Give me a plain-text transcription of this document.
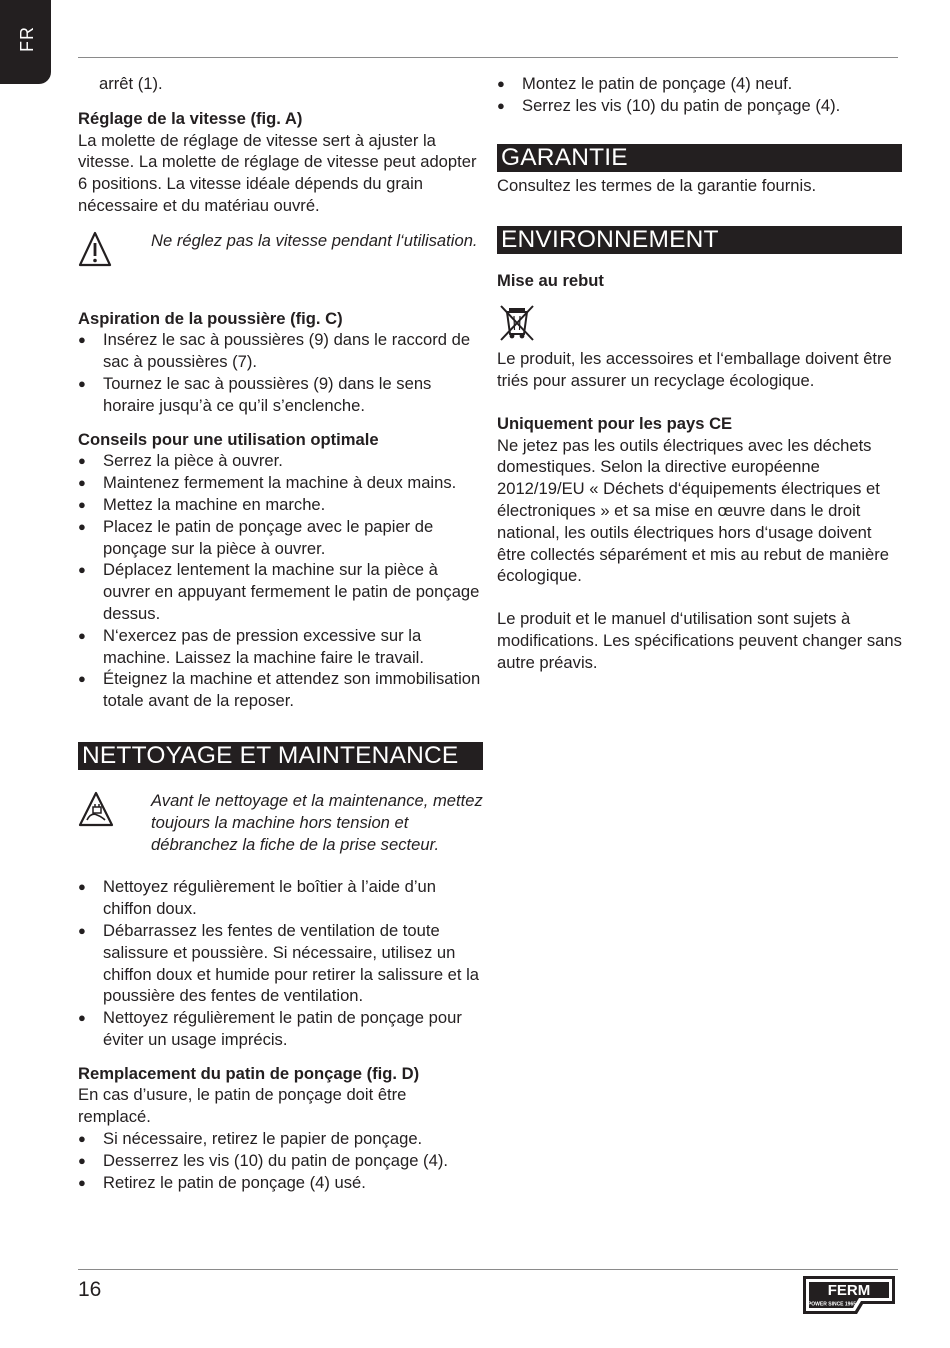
FR

arrêt (1).

Réglage de la vitesse (fig. A)

La molette de réglage de vitesse sert à ajuster la vitesse. La molette de réglage de vitesse peut adopter 6 positions. La vitesse idéale dépends du grain nécessaire et du matériau ouvré.

Ne réglez pas la vitesse pendant l‘utilisation.

Aspiration de la poussière (fig. C)

● Insérez le sac à poussières (9) dans le raccord de sac à poussières (7).
● Tournez le sac à poussières (9) dans le sens horaire jusqu’à ce qu’il s’enclenche.

Conseils pour une utilisation optimale

● Serrez la pièce à ouvrer.
● Maintenez fermement la machine à deux mains.
● Mettez la machine en marche.
● Placez le patin de ponçage avec le papier de ponçage sur la pièce à ouvrer.
● Déplacez lentement la machine sur la pièce à ouvrer en appuyant fermement le patin de ponçage dessus.
● N‘exercez pas de pression excessive sur la machine. Laissez la machine faire le travail.
● Éteignez la machine et attendez son immobilisation totale avant de la reposer.
NETTOYAGE ET MAINTENANCE

Avant le nettoyage et la maintenance, mettez toujours la machine hors tension et débranchez la fiche de la prise secteur.

● Nettoyez régulièrement le boîtier à l’aide d’un chiffon doux.
● Débarrassez les fentes de ventilation de toute salissure et poussière. Si nécessaire, utilisez un chiffon doux et humide pour retirer la salissure et la poussière des fentes de ventilation.
● Nettoyez régulièrement le patin de ponçage pour éviter un usage imprécis.

Remplacement du patin de ponçage (fig. D)

En cas d’usure, le patin de ponçage doit être remplacé.

● Si nécessaire, retirez le papier de ponçage.
● Desserrez les vis (10) du patin de ponçage (4).
● Retirez le patin de ponçage (4) usé.
● Montez le patin de ponçage (4) neuf.
● Serrez les vis (10) du patin de ponçage (4).
GARANTIE

Consultez les termes de la garantie fournis.

ENVIRONNEMENT

Mise au rebut

Le produit, les accessoires et l‘emballage doivent être triés pour assurer un recyclage écologique.

Uniquement pour les pays CE

Ne jetez pas les outils électriques avec les déchets domestiques. Selon la directive européenne 2012/19/EU « Déchets d‘équipements électriques et électroniques » et sa mise en œuvre dans le droit national, les outils électriques hors d‘usage doivent être collectés séparément et mis au rebut de manière écologique.

Le produit et le manuel d‘utilisation sont sujets à modifications. Les spécifications peuvent changer sans autre préavis.

16	FERM
POWER SINCE 1965
